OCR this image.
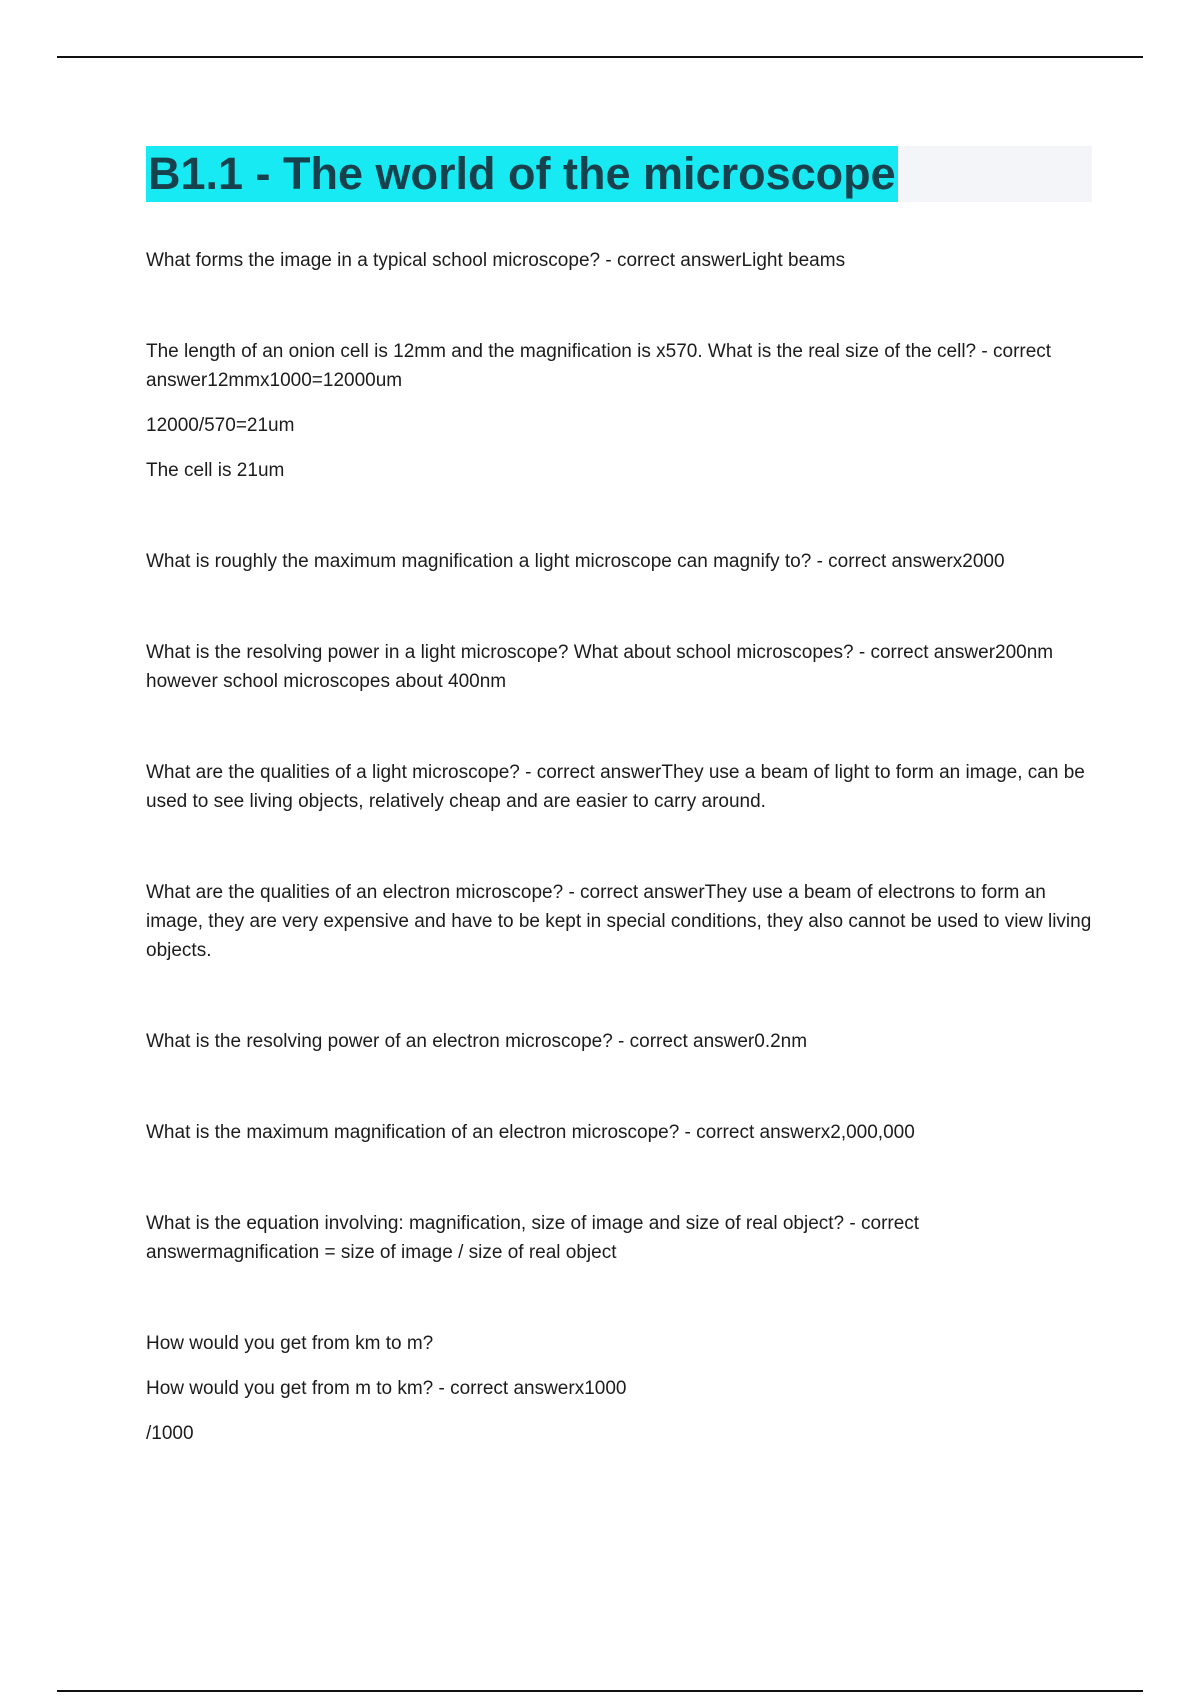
B1.1 - The world of the microscope

What forms the image in a typical school microscope? - correct answerLight beams

The length of an onion cell is 12mm and the magnification is x570. What is the real size of the cell? - correct answer12mmx1000=12000um

12000/570=21um

The cell is 21um

What is roughly the maximum magnification a light microscope can magnify to? - correct answerx2000

What is the resolving power in a light microscope? What about school microscopes? - correct answer200nm however school microscopes about 400nm

What are the qualities of a light microscope? - correct answerThey use a beam of light to form an image, can be used to see living objects, relatively cheap and are easier to carry around.

What are the qualities of an electron microscope? - correct answerThey use a beam of electrons to form an image, they are very expensive and have to be kept in special conditions, they also cannot be used to view living objects.

What is the resolving power of an electron microscope? - correct answer0.2nm

What is the maximum magnification of an electron microscope? - correct answerx2,000,000

What is the equation involving: magnification, size of image and size of real object? - correct answermagnification = size of image / size of real object

How would you get from km to m?

How would you get from m to km? - correct answerx1000

/1000
